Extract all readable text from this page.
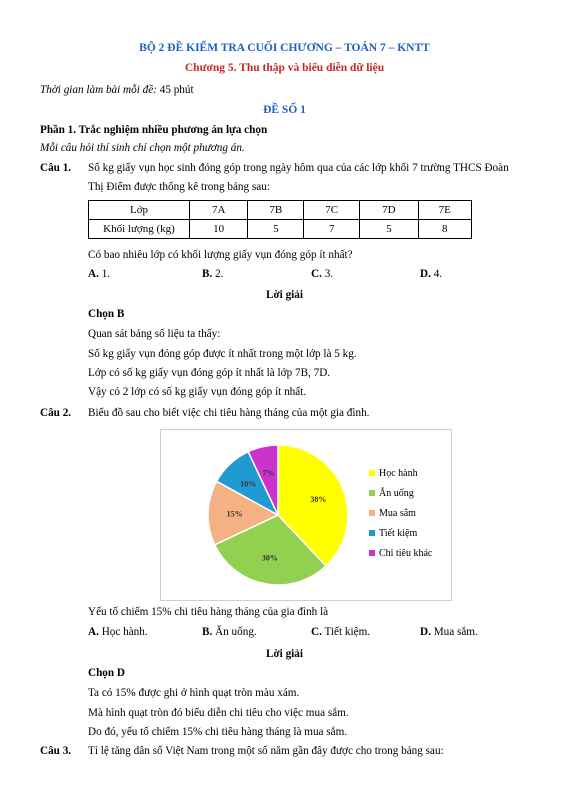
BỘ 2 ĐỀ KIỂM TRA CUỐI CHƯƠNG – TOÁN 7 – KNTT
Chương 5. Thu thập và biểu diễn dữ liệu
Thời gian làm bài mỗi đề: 45 phút
ĐỀ SỐ 1
Phần 1. Trắc nghiệm nhiều phương án lựa chọn
Mỗi câu hỏi thí sinh chỉ chọn một phương án.
Câu 1. Số kg giấy vụn học sinh đóng góp trong ngày hôm qua của các lớp khối 7 trường THCS Đoàn
Thị Điểm được thống kê trong bảng sau:
Lớp	7A	7B	7C	7D	7E
Khối lượng (kg)	10	5	7	5	8
Có bao nhiêu lớp có khối lượng giấy vụn đóng góp ít nhất?
A. 1.	B. 2.	C. 3.	D. 4.
Lời giải
Chọn B
Quan sát bảng số liệu ta thấy:
Số kg giấy vụn đóng góp được ít nhất trong một lớp là 5 kg.
Lớp có số kg giấy vụn đóng góp ít nhất là lớp 7B, 7D.
Vậy có 2 lớp có số kg giấy vụn đóng góp ít nhất.
Câu 2. Biểu đồ sau cho biết việc chi tiêu hàng tháng của một gia đình.
38%
30%
15%
10%
7%	Học hành
Ăn uống
Mua sắm
Tiết kiệm
Chi tiêu khác
Yếu tố chiếm 15% chi tiêu hàng tháng của gia đình là
A. Học hành.	B. Ăn uống.	C. Tiết kiệm.	D. Mua sắm.
Lời giải
Chọn D
Ta có 15% được ghi ở hình quạt tròn màu xám.
Mà hình quạt tròn đó biểu diễn chi tiêu cho việc mua sắm.
Do đó, yếu tố chiếm 15% chi tiêu hàng tháng là mua sắm.
Câu 3. Tỉ lệ tăng dân số Việt Nam trong một số năm gần đây được cho trong bảng sau:
